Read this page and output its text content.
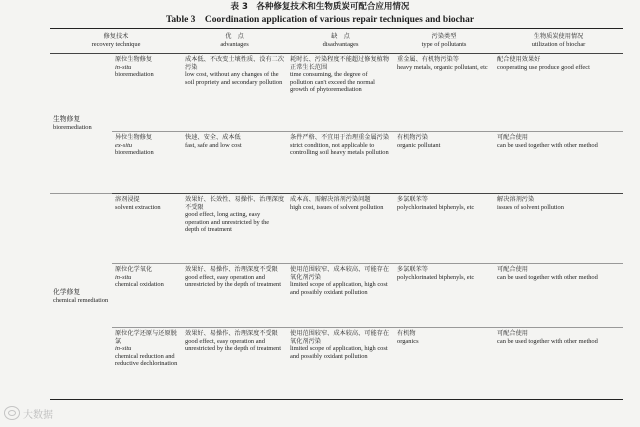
表 3　各种修复技术和生物质炭可配合应用情况
Table 3　Coordination application of various repair techniques and biochar
修复技术
recovery technique		优　点
advantages	缺　点
disadvantages	污染类型
type of pollutants	生物质炭使用情况
utilization of biochar

生物修复
bioremediation	原位生物修复
in-situ
bioremediation	成本低、不改变土壤性质、没有二次污染
low cost, without any changes of the soil propriety and secondary pollution	耗时长、污染程度不能超过修复植物正常生长范围
time consuming, the degree of pollution can't exceed the normal growth of phytoremediation	重金属、有机物污染等
heavy metals, organic pollutant, etc	配合使用效果好
cooperating use produce good effect

	异位生物修复
ex-situ
bioremediation	快速、安全、成本低
fast, safe and low cost	条件严格、不宜用于治理重金属污染
strict condition, not applicable to controlling soil heavy metals pollution	有机物污染
organic pollutant	可配合使用
can be used together with other method

化学修复
chemical remediation	溶剂浸提
solvent extraction	效果好、长效性、易操作、治理深度不受限
good effect, long acting, easy operation and unrestricted by the depth of treatment	成本高、需解决溶剂污染问题
high cost, issues of solvent pollution	多氯联苯等
polychlorinated biphenyls, etc	解决溶剂污染
issues of solvent pollution

	原位化学氧化
in-situ
chemical oxidation	效果好、易操作、治理深度不受限
good effect, easy operation and unrestricted by the depth of treatment	使用范围较窄、成本较高、可能存在氧化剂污染
limited scope of application, high cost and possibly oxidant pollution	多氯联苯等
polychlorinated biphenyls, etc	可配合使用
can be used together with other method

	原位化学还原与还原脱氯
in-situ
chemical reduction and reductive dechlorination	效果好、易操作、治理深度不受限
good effect, easy operation and unrestricted by the depth of treatment	使用范围较窄、成本较高、可能存在氧化剂污染
limited scope of application, high cost and possibly oxidant pollution	有机物
organics	可配合使用
can be used together with other method
大数据
